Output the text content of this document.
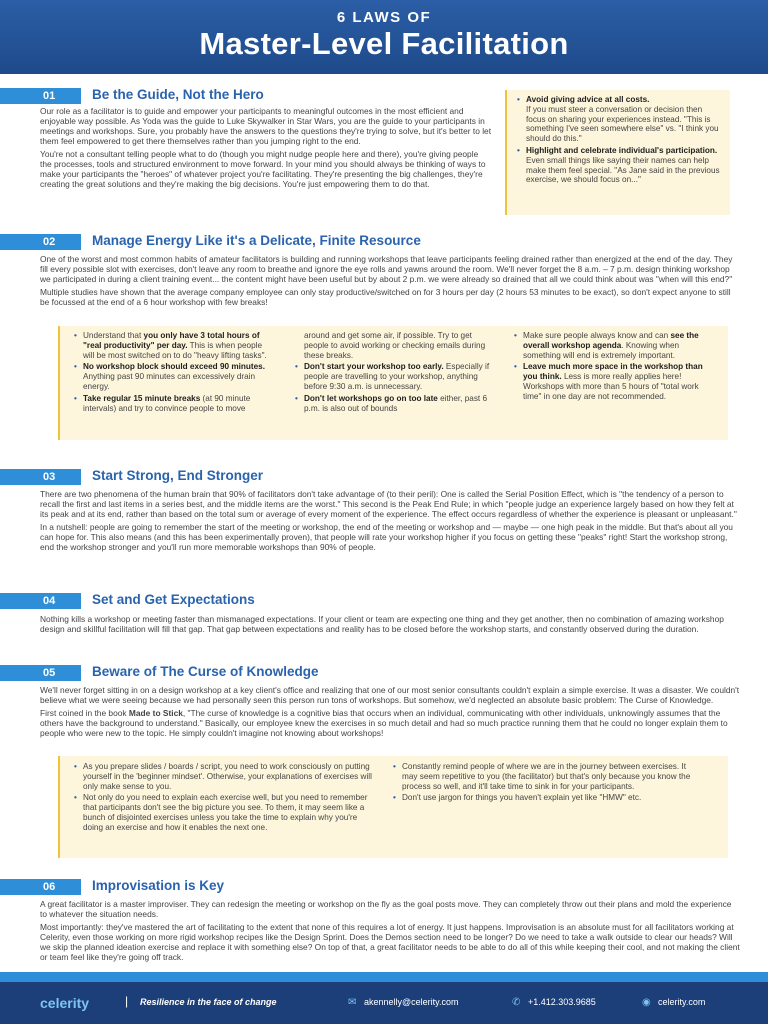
6 LAWS OF
Master-Level Facilitation
01	Be the Guide, Not the Hero

Our role as a facilitator is to guide and empower your participants to meaningful outcomes in the most efficient and enjoyable way possible. As Yoda was the guide to Luke Skywalker in Star Wars, you are the guide to your participants in meetings and workshops. Sure, you probably have the answers to the questions they're trying to solve, but it's better to let them feel empowered to get there themselves rather than you jumping right to the end.

You're not a consultant telling people what to do (though you might nudge people here and there), you're giving people the processes, tools and structured environment to move forward. In your mind you should always be thinking of ways to make your participants the "heroes" of whatever project you're facilitating. They're presenting the big challenges, they're creating the great solutions and they're making the big decisions. You're just empowering them to do that.

• Avoid giving advice at all costs.
If you must steer a conversation or decision then focus on sharing your experiences instead. "This is something I've seen somewhere else" vs. "I think you should do this."
• Highlight and celebrate individual's participation.
Even small things like saying their names can help make them feel special. "As Jane said in the previous exercise, we should focus on..."
02	Manage Energy Like it's a Delicate, Finite Resource

One of the worst and most common habits of amateur facilitators is building and running workshops that leave participants feeling drained rather than energized at the end of the day. They fill every possible slot with exercises, don't leave any room to breathe and ignore the eye rolls and yawns around the room. We'll never forget the 8 a.m. – 7 p.m. design thinking workshop we participated in during a client training event... the content might have been useful but by about 2 p.m. we were already so drained that all we could think about was "when will this end?"

Multiple studies have shown that the average company employee can only stay productive/switched on for 3 hours per day (2 hours 53 minutes to be exact), so don't expect anyone to still be focussed at the end of a 6 hour workshop with few breaks!

• Understand that you only have 3 total hours of "real productivity" per day. This is when people will be most switched on to do "heavy lifting tasks".
• No workshop block should exceed 90 minutes. Anything past 90 minutes can excessively drain energy.
• Take regular 15 minute breaks (at 90 minute intervals) and try to convince people to move
around and get some air, if possible. Try to get people to avoid working or checking emails during these breaks.
• Don't start your workshop too early. Especially if people are travelling to your workshop, anything before 9:30 a.m. is unnecessary.
• Don't let workshops go on too late either, past 6 p.m. is also out of bounds
• Make sure people always know and can see the overall workshop agenda. Knowing when something will end is extremely important.
• Leave much more space in the workshop than you think. Less is more really applies here! Workshops with more than 5 hours of "total work time" in one day are not recommended.
03	Start Strong, End Stronger

There are two phenomena of the human brain that 90% of facilitators don't take advantage of (to their peril): One is called the Serial Position Effect, which is "the tendency of a person to recall the first and last items in a series best, and the middle items are the worst." This second is the Peak End Rule; in which "people judge an experience largely based on how they felt at its peak and at its end, rather than based on the total sum or average of every moment of the experience. The effect occurs regardless of whether the experience is pleasant or unpleasant."

In a nutshell: people are going to remember the start of the meeting or workshop, the end of the meeting or workshop and — maybe — one high peak in the middle. But that's about all you can hope for. This also means (and this has been experimentally proven), that people will rate your workshop higher if you focus on getting these "peaks" right! Start the workshop strong, end the workshop stronger and you'll run more memorable workshops than 90% of people.

04	Set and Get Expectations

Nothing kills a workshop or meeting faster than mismanaged expectations. If your client or team are expecting one thing and they get another, then no combination of amazing workshop design and skillful facilitation will fill that gap. That gap between expectations and reality has to be closed before the workshop starts, and constantly observed during the duration.

05	Beware of The Curse of Knowledge

We'll never forget sitting in on a design workshop at a key client's office and realizing that one of our most senior consultants couldn't explain a simple exercise. It was a disaster. We couldn't believe what we were seeing because we had personally seen this person run tons of workshops. But somehow, we'd neglected an absolute basic problem: The Curse of Knowledge.

First coined in the book Made to Stick, "The curse of knowledge is a cognitive bias that occurs when an individual, communicating with other individuals, unknowingly assumes that the others have the background to understand." Basically, our employee knew the exercises in so much detail and had so much practice running them that he could no longer explain them to people who were new to the topic. He simply couldn't imagine not knowing about workshops!

• As you prepare slides / boards / script, you need to work consciously on putting yourself in the 'beginner mindset'. Otherwise, your explanations of exercises will only make sense to you.
• Not only do you need to explain each exercise well, but you need to remember that participants don't see the big picture you see. To them, it may seem like a bunch of disjointed exercises unless you take the time to explain why you're doing an exercise and how it enables the next one.
• Constantly remind people of where we are in the journey between exercises. It may seem repetitive to you (the facilitator) but that's only because you know the process so well, and it'll take time to sink in for your participants.
• Don't use jargon for things you haven't explain yet like "HMW" etc.
06	Improvisation is Key

A great facilitator is a master improviser. They can redesign the meeting or workshop on the fly as the goal posts move. They can completely throw out their plans and mold the experience to whatever the situation needs.

Most importantly: they've mastered the art of facilitating to the extent that none of this requires a lot of energy. It just happens. Improvisation is an absolute must for all facilitators working at Celerity, even those working on more rigid workshop recipes like the Design Sprint. Does the Demos section need to be longer? Do we need to take a walk outside to clear our heads? Will we skip the planned ideation exercise and replace it with something else? On top of that, a great facilitator needs to be able to do all of this while keeping their cool, and not making the client or team feel like they're going off track.

celerity	| Resilience in the face of change	✉ akennelly@celerity.com	✆ +1.412.303.9685	◉ celerity.com
